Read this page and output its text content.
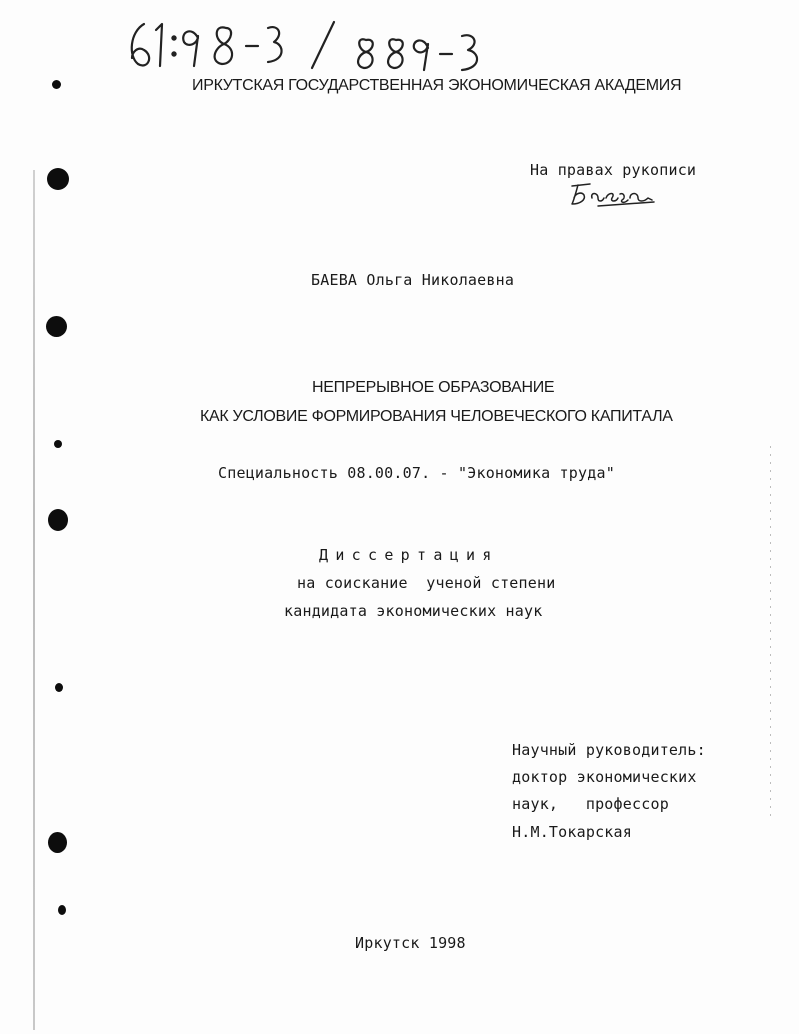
ИРКУТСКАЯ ГОСУДАРСТВЕННАЯ ЭКОНОМИЧЕСКАЯ АКАДЕМИЯ
На правах рукописи
БАЕВА Ольга Николаевна
НЕПРЕРЫВНОЕ ОБРАЗОВАНИЕ
КАК УСЛОВИЕ ФОРМИРОВАНИЯ ЧЕЛОВЕЧЕСКОГО КАПИТАЛА
Специальность 08.00.07. - "Экономика труда"
Диссертация
на соискание  ученой степени
кандидата экономических наук
Научный руководитель:
доктор экономических
наук,   профессор
Н.М.Токарская
Иркутск 1998
